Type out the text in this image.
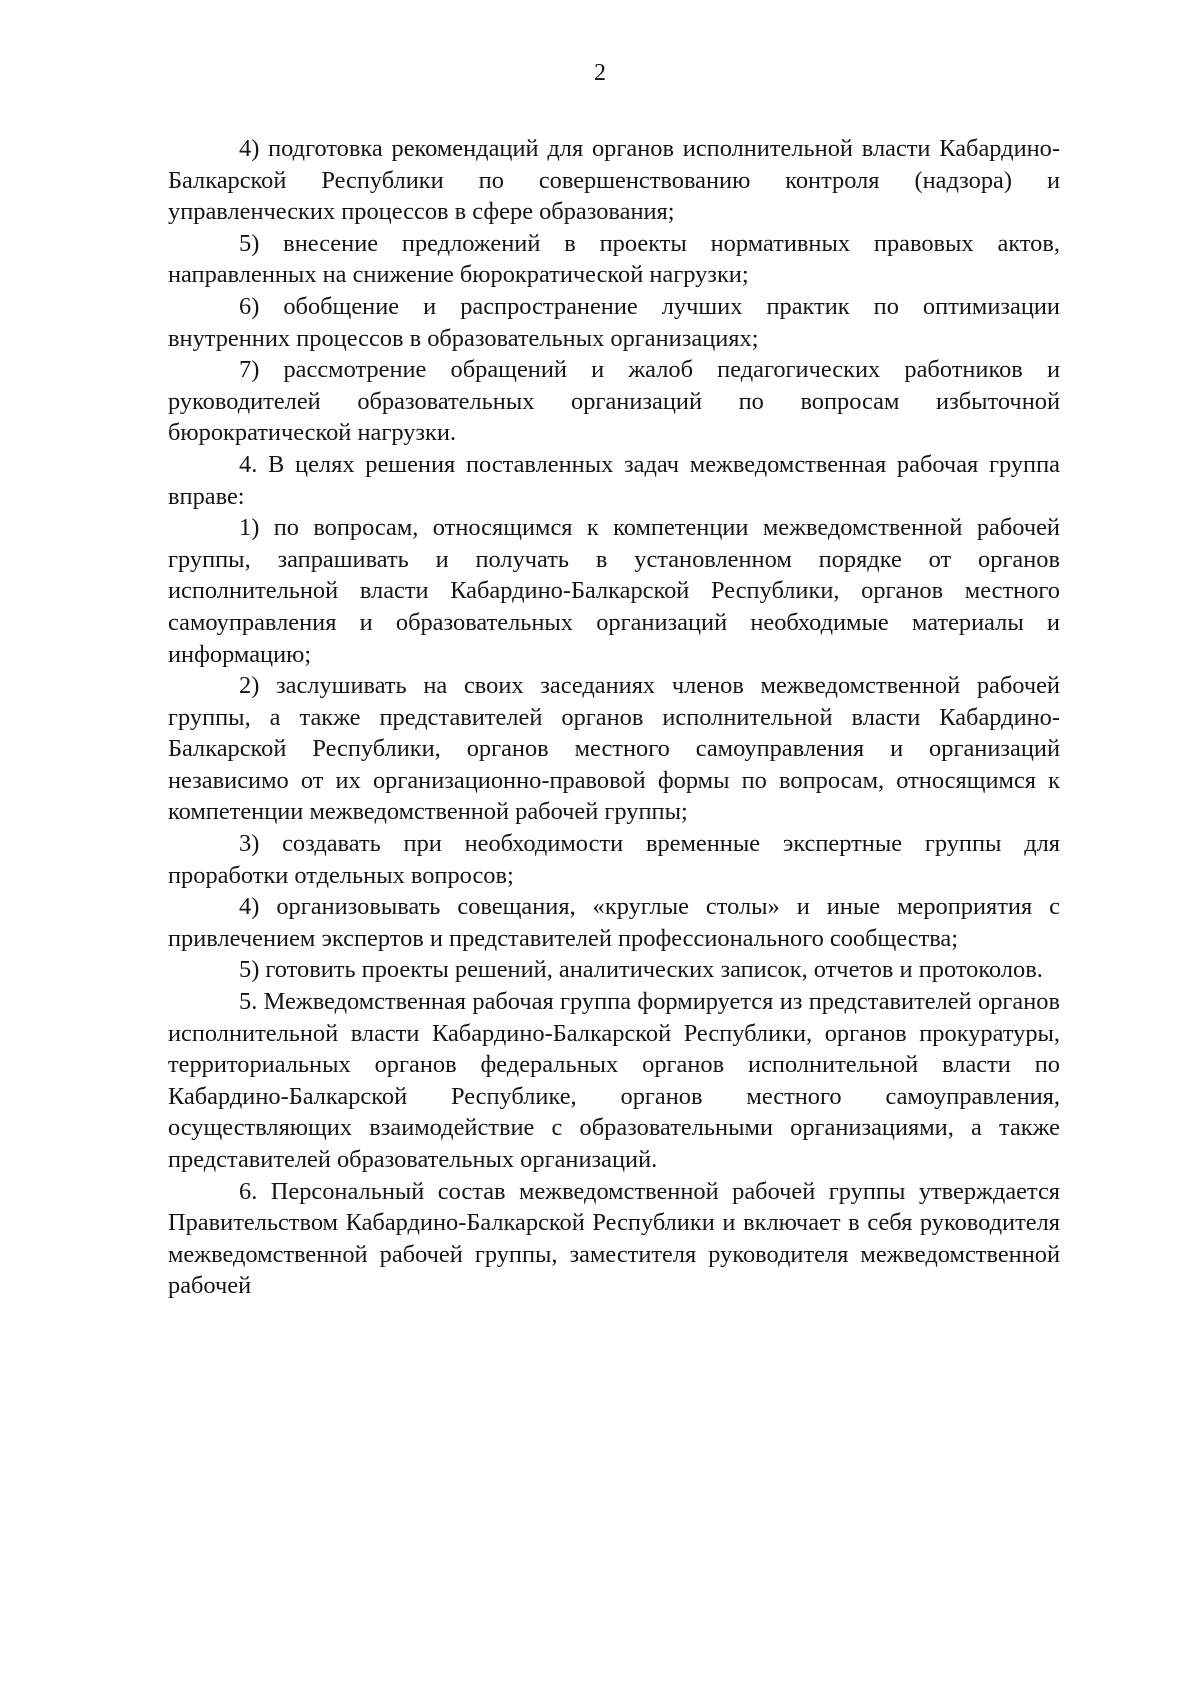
2

4) подготовка рекомендаций для органов исполнительной власти Кабардино-Балкарской Республики по совершенствованию контроля (надзора) и управленческих процессов в сфере образования;

5) внесение предложений в проекты нормативных правовых актов, направленных на снижение бюрократической нагрузки;

6) обобщение и распространение лучших практик по оптимизации внутренних процессов в образовательных организациях;

7) рассмотрение обращений и жалоб педагогических работников и руководителей образовательных организаций по вопросам избыточной бюрократической нагрузки.

4. В целях решения поставленных задач межведомственная рабочая группа вправе:

1) по вопросам, относящимся к компетенции межведомственной рабочей группы, запрашивать и получать в установленном порядке от органов исполнительной власти Кабардино-Балкарской Республики, органов местного самоуправления и образовательных организаций необходимые материалы и информацию;

2) заслушивать на своих заседаниях членов межведомственной рабочей группы, а также представителей органов исполнительной власти Кабардино-Балкарской Республики, органов местного самоуправления и организаций независимо от их организационно-правовой формы по вопросам, относящимся к компетенции межведомственной рабочей группы;

3) создавать при необходимости временные экспертные группы для проработки отдельных вопросов;

4) организовывать совещания, «круглые столы» и иные мероприятия с привлечением экспертов и представителей профессионального сообщества;

5) готовить проекты решений, аналитических записок, отчетов и протоколов.

5. Межведомственная рабочая группа формируется из представителей органов исполнительной власти Кабардино-Балкарской Республики, органов прокуратуры, территориальных органов федеральных органов исполнительной власти по Кабардино-Балкарской Республике, органов местного самоуправления, осуществляющих взаимодействие с образовательными организациями, а также представителей образовательных организаций.

6. Персональный состав межведомственной рабочей группы утверждается Правительством Кабардино-Балкарской Республики и включает в себя руководителя межведомственной рабочей группы, заместителя руководителя межведомственной рабочей
